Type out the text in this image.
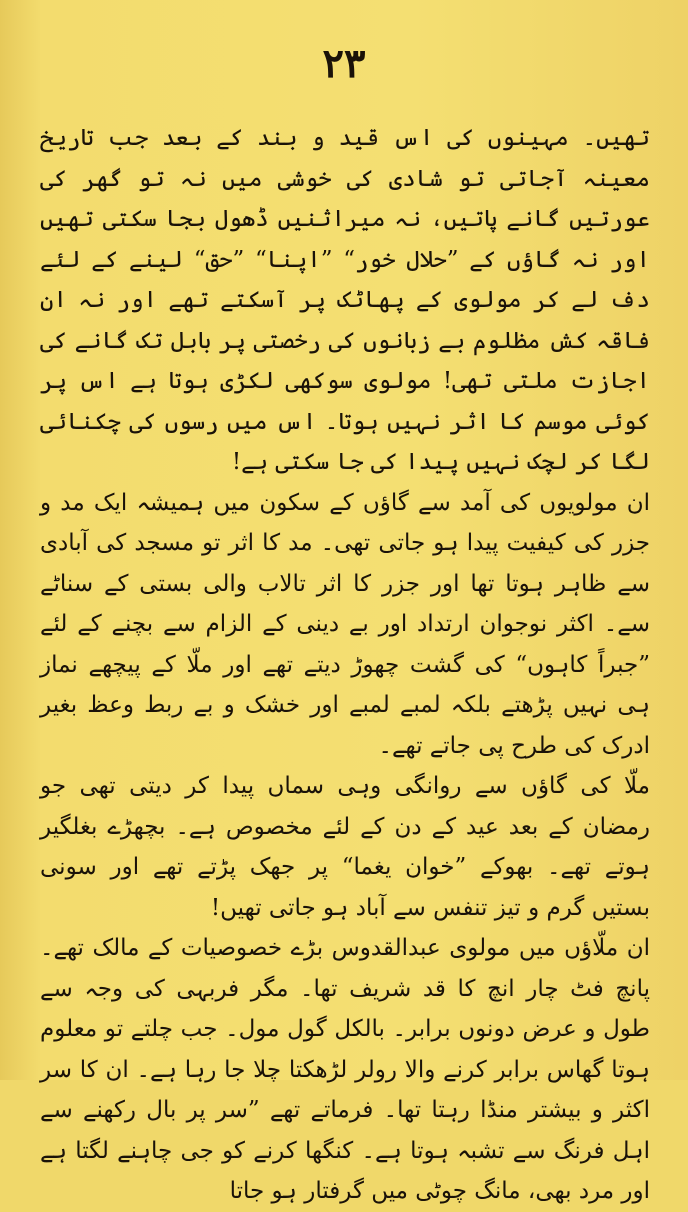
۲۳

تھیں۔ مہینوں کی اس قید و بند کے بعد جب تاریخ معینہ آجاتی تو شادی کی خوشی میں نہ تو گھر کی عورتیں گانے پاتیں، نہ میراثنیں ڈھول بجا سکتی تھیں اور نہ گاؤں کے ”حلال خور“ ”اپنا“ ”حق“ لینے کے لئے دف لے کر مولوی کے پھاٹک پر آسکتے تھے اور نہ ان فاقہ کش مظلوم بے زبانوں کی رخصتی پر بابل تک گانے کی اجازت ملتی تھی! مولوی سوکھی لکڑی ہوتا ہے اس پر کوئی موسم کا اثر نہیں ہوتا۔ اس میں رسوں کی چکنائی لگا کر لچک نہیں پیدا کی جا سکتی ہے!

ان مولویوں کی آمد سے گاؤں کے سکون میں ہمیشہ ایک مد و جزر کی کیفیت پیدا ہو جاتی تھی۔ مد کا اثر تو مسجد کی آبادی سے ظاہر ہوتا تھا اور جزر کا اثر تالاب والی بستی کے سناٹے سے۔ اکثر نوجوان ارتداد اور بے دینی کے الزام سے بچنے کے لئے ”جبراً کاہوں“ کی گشت چھوڑ دیتے تھے اور ملّا کے پیچھے نماز ہی نہیں پڑھتے بلکہ لمبے لمبے اور خشک و بے ربط وعظ بغیر ادرک کی طرح پی جاتے تھے۔

ملّا کی گاؤں سے روانگی وہی سماں پیدا کر دیتی تھی جو رمضان کے بعد عید کے دن کے لئے مخصوص ہے۔ بچھڑے بغلگیر ہوتے تھے۔ بھوکے ”خوان یغما“ پر جھک پڑتے تھے اور سونی بستیں گرم و تیز تنفس سے آباد ہو جاتی تھیں!

ان ملّاؤں میں مولوی عبدالقدوس بڑے خصوصیات کے مالک تھے۔ پانچ فٹ چار انچ کا قد شریف تھا۔ مگر فربہی کی وجہ سے طول و عرض دونوں برابر۔ بالکل گول مول۔ جب چلتے تو معلوم ہوتا گھاس برابر کرنے والا رولر لڑھکتا چلا جا رہا ہے۔ ان کا سر اکثر و بیشتر منڈا رہتا تھا۔ فرماتے تھے ”سر پر بال رکھنے سے اہل فرنگ سے تشبہ ہوتا ہے۔ کنگھا کرنے کو جی چاہنے لگتا ہے اور مرد بھی، مانگ چوٹی میں گرفتار ہو جاتا
